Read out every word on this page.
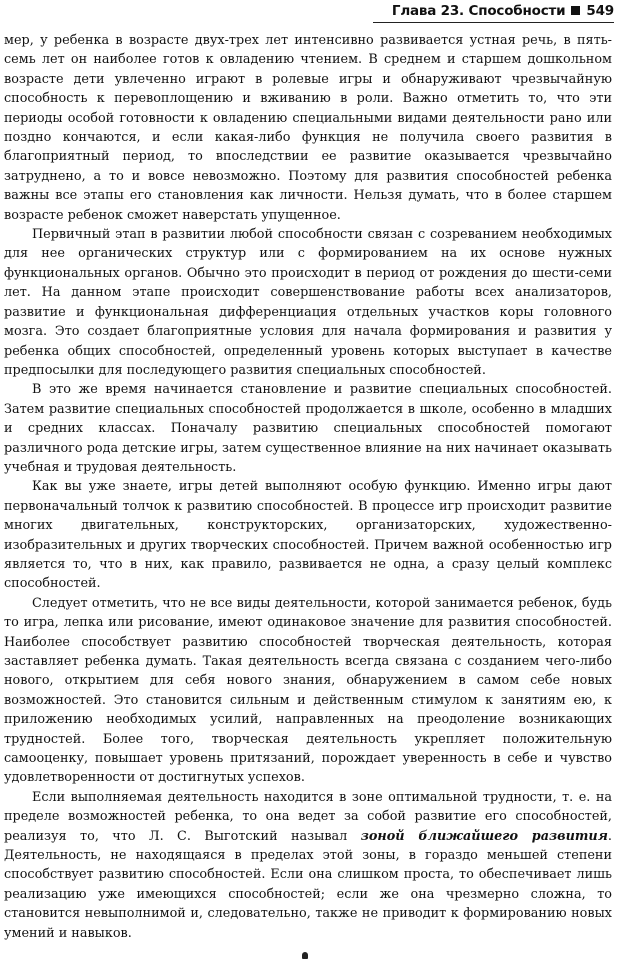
Глава 23. Способности 549

мер, у ребенка в возрасте двух-трех лет интенсивно развивается устная речь, в пять-семь лет он наиболее готов к овладению чтением. В среднем и старшем дошкольном возрасте дети увлеченно играют в ролевые игры и обнаруживают чрезвычайную способность к перевоплощению и вживанию в роли. Важно отметить то, что эти периоды особой готовности к овладению специальными видами деятельности рано или поздно кончаются, и если какая-либо функция не получила своего развития в благоприятный период, то впоследствии ее развитие оказывается чрезвычайно затруднено, а то и вовсе невозможно. Поэтому для развития способностей ребенка важны все этапы его становления как личности. Нельзя думать, что в более старшем возрасте ребенок сможет наверстать упущенное.

Первичный этап в развитии любой способности связан с созреванием необходимых для нее органических структур или с формированием на их основе нужных функциональных органов. Обычно это происходит в период от рождения до шести-семи лет. На данном этапе происходит совершенствование работы всех анализаторов, развитие и функциональная дифференциация отдельных участков коры головного мозга. Это создает благоприятные условия для начала формирования и развития у ребенка общих способностей, определенный уровень которых выступает в качестве предпосылки для последующего развития специальных способностей.

В это же время начинается становление и развитие специальных способностей. Затем развитие специальных способностей продолжается в школе, особенно в младших и средних классах. Поначалу развитию специальных способностей помогают различного рода детские игры, затем существенное влияние на них начинает оказывать учебная и трудовая деятельность.

Как вы уже знаете, игры детей выполняют особую функцию. Именно игры дают первоначальный толчок к развитию способностей. В процессе игр происходит развитие многих двигательных, конструкторских, организаторских, художественно-изобразительных и других творческих способностей. Причем важной особенностью игр является то, что в них, как правило, развивается не одна, а сразу целый комплекс способностей.

Следует отметить, что не все виды деятельности, которой занимается ребенок, будь то игра, лепка или рисование, имеют одинаковое значение для развития способностей. Наиболее способствует развитию способностей творческая деятельность, которая заставляет ребенка думать. Такая деятельность всегда связана с созданием чего-либо нового, открытием для себя нового знания, обнаружением в самом себе новых возможностей. Это становится сильным и действенным стимулом к занятиям ею, к приложению необходимых усилий, направленных на преодоление возникающих трудностей. Более того, творческая деятельность укрепляет положительную самооценку, повышает уровень притязаний, порождает уверенность в себе и чувство удовлетворенности от достигнутых успехов.

Если выполняемая деятельность находится в зоне оптимальной трудности, т. е. на пределе возможностей ребенка, то она ведет за собой развитие его способностей, реализуя то, что Л. С. Выготский называл зоной ближайшего развития. Деятельность, не находящаяся в пределах этой зоны, в гораздо меньшей степени способствует развитию способностей. Если она слишком проста, то обеспечивает лишь реализацию уже имеющихся способностей; если же она чрезмерно сложна, то становится невыполнимой и, следовательно, также не приводит к формированию новых умений и навыков.
